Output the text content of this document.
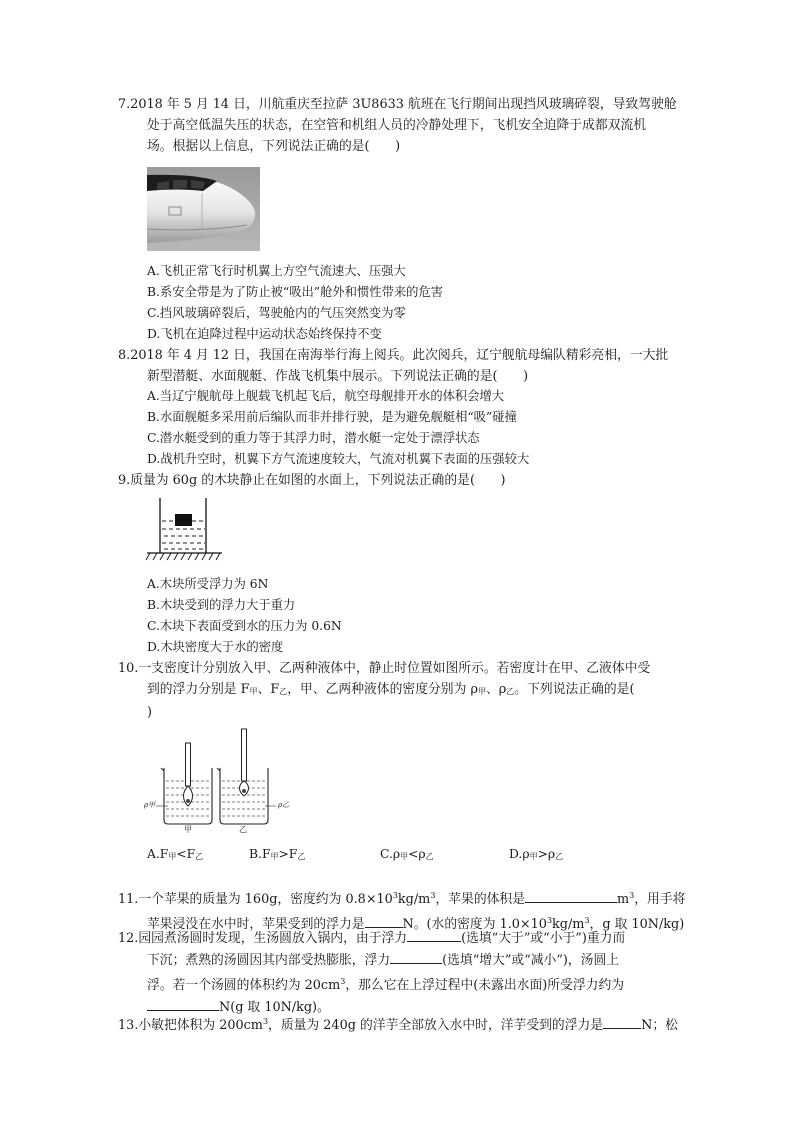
7.2018 年 5 月 14 日，川航重庆至拉萨 3U8633 航班在飞行期间出现挡风玻璃碎裂，导致驾驶舱
处于高空低温失压的状态，在空管和机组人员的冷静处理下，飞机安全迫降于成都双流机
场。根据以上信息，下列说法正确的是(　　)
A.飞机正常飞行时机翼上方空气流速大、压强大
B.系安全带是为了防止被“吸出”舱外和惯性带来的危害
C.挡风玻璃碎裂后，驾驶舱内的气压突然变为零
D.飞机在迫降过程中运动状态始终保持不变
8.2018 年 4 月 12 日，我国在南海举行海上阅兵。此次阅兵，辽宁舰航母编队精彩亮相，一大批
新型潜艇、水面舰艇、作战飞机集中展示。下列说法正确的是(　　)
A.当辽宁舰航母上舰载飞机起飞后，航空母舰排开水的体积会增大
B.水面舰艇多采用前后编队而非并排行驶，是为避免舰艇相“吸”碰撞
C.潜水艇受到的重力等于其浮力时，潜水艇一定处于漂浮状态
D.战机升空时，机翼下方气流速度较大，气流对机翼下表面的压强较大
9.质量为 60g 的木块静止在如图的水面上，下列说法正确的是(　　)
A.木块所受浮力为 6N
B.木块受到的浮力大于重力
C.木块下表面受到水的压力为 0.6N
D.木块密度大于水的密度
10.一支密度计分别放入甲、乙两种液体中，静止时位置如图所示。若密度计在甲、乙液体中受
到的浮力分别是 F甲、F乙，甲、乙两种液体的密度分别为 ρ甲、ρ乙。下列说法正确的是(
)
ρ甲	ρ乙
甲	乙
A.F甲<F乙	B.F甲>F乙	C.ρ甲<ρ乙	D.ρ甲>ρ乙
11.一个苹果的质量为 160g，密度约为 $0.8\times 10^3kg/m^3$，苹果的体积是	$m^3$，用手将
苹果浸没在水中时，苹果受到的浮力是	N。(水的密度为 $1.0\times 10^3kg/m^3$，g 取 10N/kg)
12.园园煮汤圆时发现，生汤圆放入锅内，由于浮力	(选填“大于”或“小于”)重力而
下沉；煮熟的汤圆因其内部受热膨胀，浮力	(选填“增大”或“减小”)，汤圆上
浮。若一个汤圆的体积约为 $20cm^3$，那么它在上浮过程中(未露出水面)所受浮力约为
N(g 取 10N/kg)。
13.小敏把体积为 $200cm^3$，质量为 240g 的洋芋全部放入水中时，洋芋受到的浮力是	N；松
